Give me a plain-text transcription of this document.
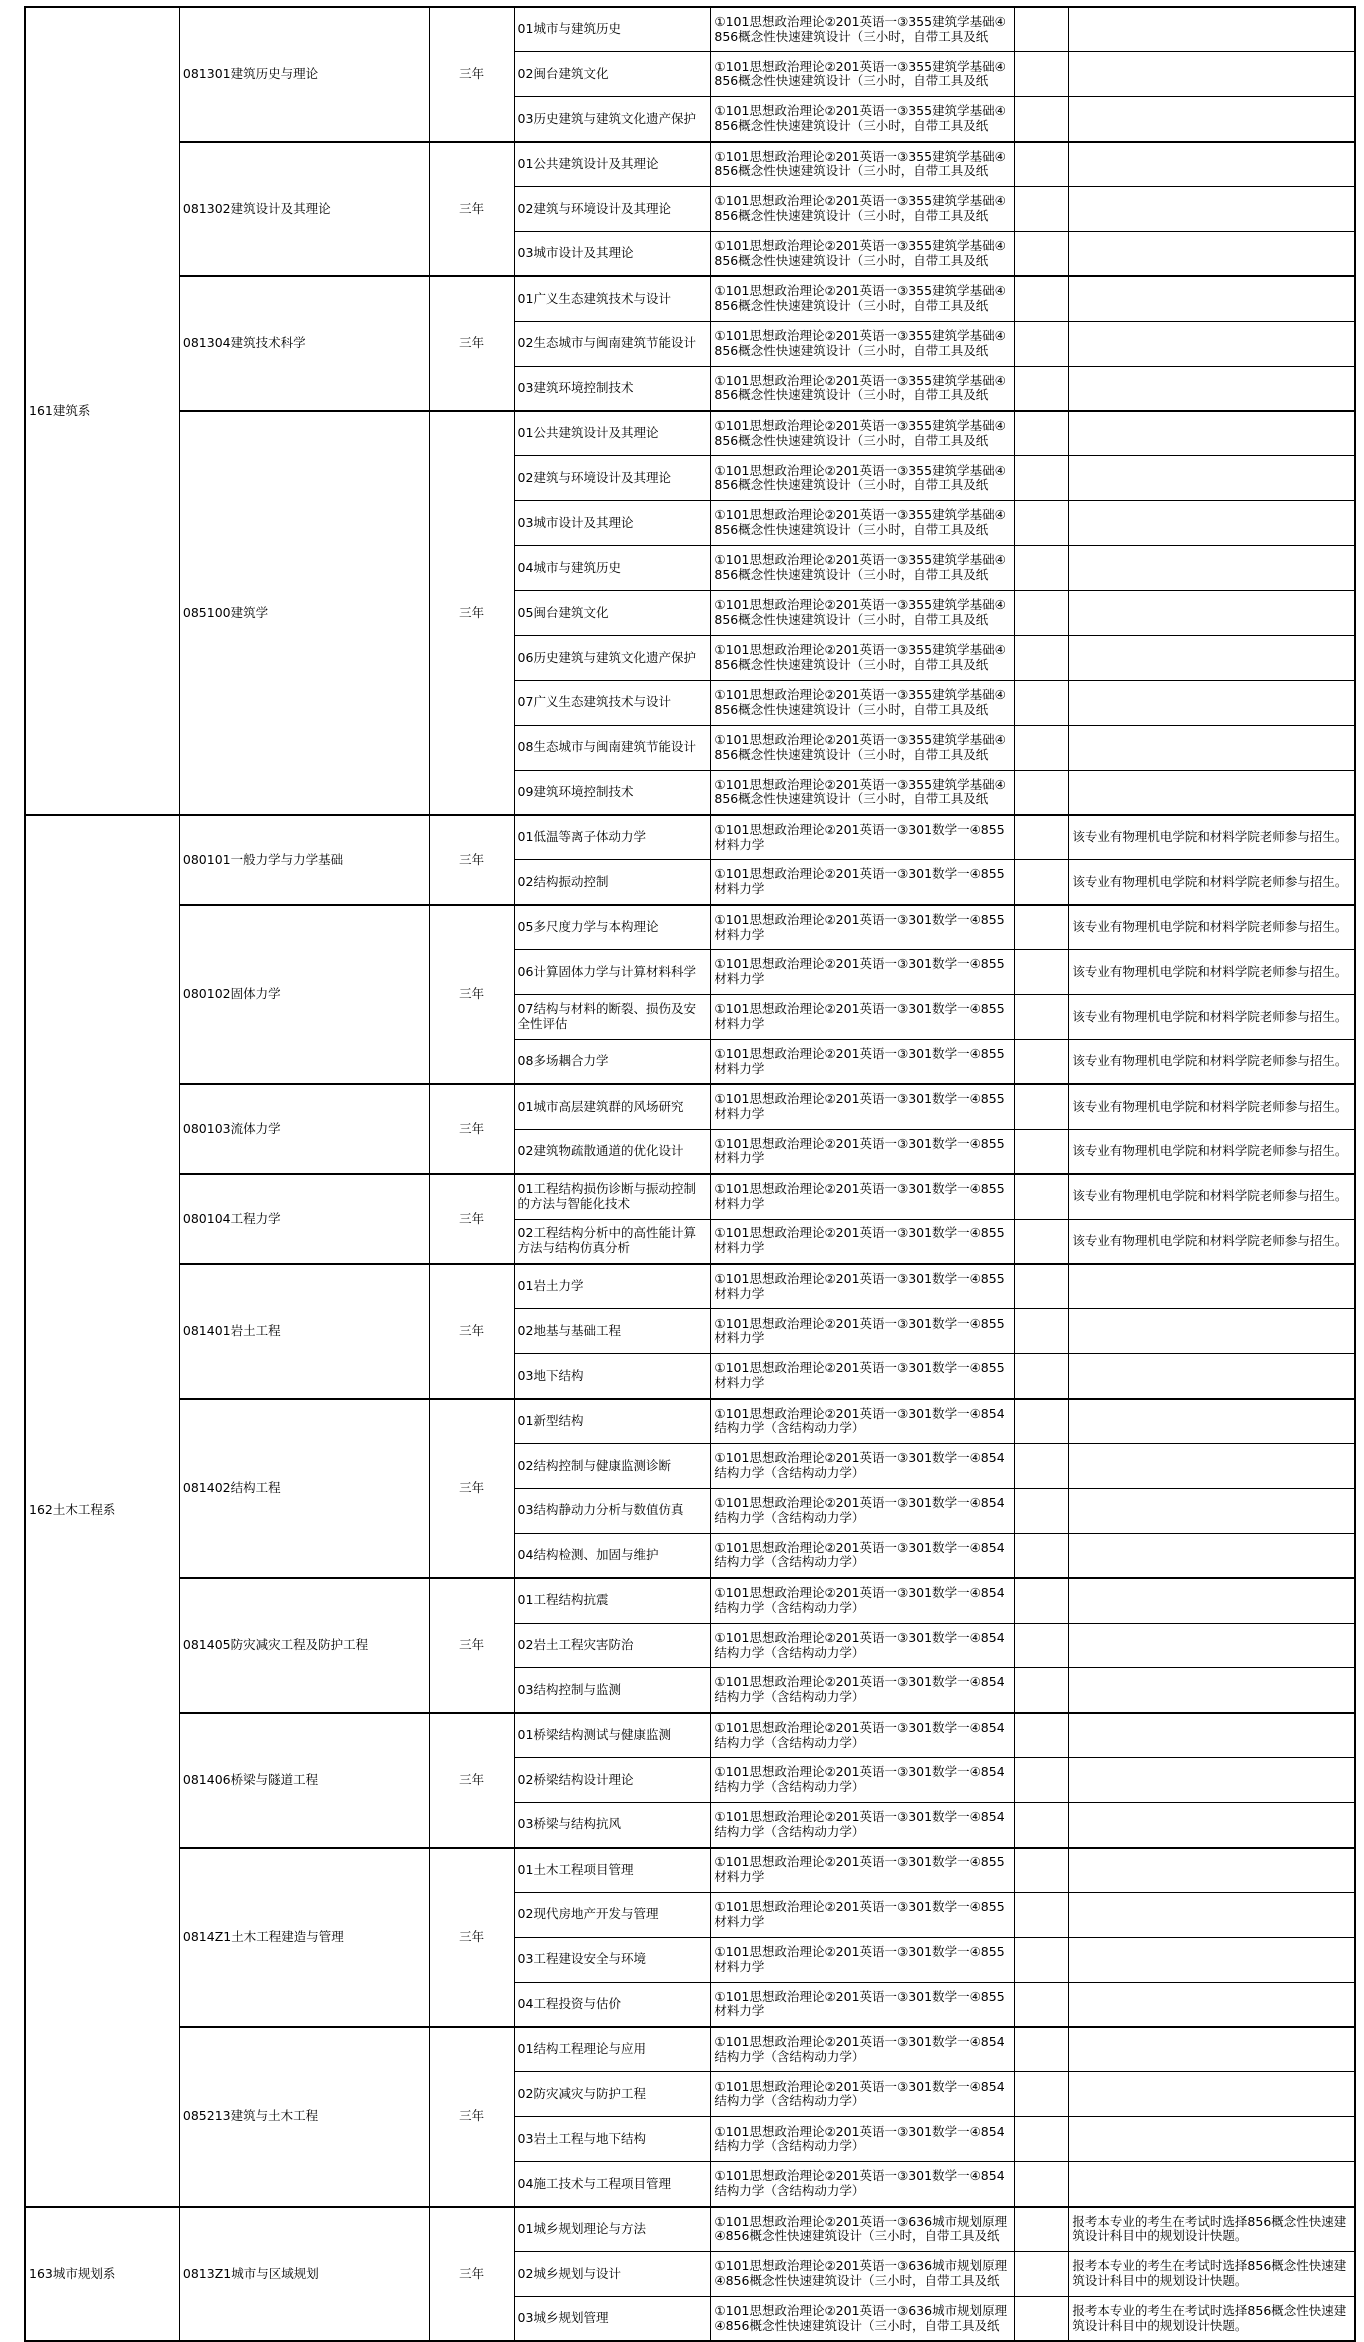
161建筑系	081301建筑历史与理论	三年	01城市与建筑历史	①101思想政治理论②201英语一③355建筑学基础④856概念性快速建筑设计（三小时，自带工具及纸		

			02闽台建筑文化	①101思想政治理论②201英语一③355建筑学基础④856概念性快速建筑设计（三小时，自带工具及纸		

			03历史建筑与建筑文化遗产保护	①101思想政治理论②201英语一③355建筑学基础④856概念性快速建筑设计（三小时，自带工具及纸		
	081302建筑设计及其理论	三年	01公共建筑设计及其理论	①101思想政治理论②201英语一③355建筑学基础④856概念性快速建筑设计（三小时，自带工具及纸		

			02建筑与环境设计及其理论	①101思想政治理论②201英语一③355建筑学基础④856概念性快速建筑设计（三小时，自带工具及纸		

			03城市设计及其理论	①101思想政治理论②201英语一③355建筑学基础④856概念性快速建筑设计（三小时，自带工具及纸		
	081304建筑技术科学	三年	01广义生态建筑技术与设计	①101思想政治理论②201英语一③355建筑学基础④856概念性快速建筑设计（三小时，自带工具及纸		

			02生态城市与闽南建筑节能设计	①101思想政治理论②201英语一③355建筑学基础④856概念性快速建筑设计（三小时，自带工具及纸		

			03建筑环境控制技术	①101思想政治理论②201英语一③355建筑学基础④856概念性快速建筑设计（三小时，自带工具及纸		
	085100建筑学	三年	01公共建筑设计及其理论	①101思想政治理论②201英语一③355建筑学基础④856概念性快速建筑设计（三小时，自带工具及纸		

			02建筑与环境设计及其理论	①101思想政治理论②201英语一③355建筑学基础④856概念性快速建筑设计（三小时，自带工具及纸		

			03城市设计及其理论	①101思想政治理论②201英语一③355建筑学基础④856概念性快速建筑设计（三小时，自带工具及纸		

			04城市与建筑历史	①101思想政治理论②201英语一③355建筑学基础④856概念性快速建筑设计（三小时，自带工具及纸		

			05闽台建筑文化	①101思想政治理论②201英语一③355建筑学基础④856概念性快速建筑设计（三小时，自带工具及纸		

			06历史建筑与建筑文化遗产保护	①101思想政治理论②201英语一③355建筑学基础④856概念性快速建筑设计（三小时，自带工具及纸		

			07广义生态建筑技术与设计	①101思想政治理论②201英语一③355建筑学基础④856概念性快速建筑设计（三小时，自带工具及纸		

			08生态城市与闽南建筑节能设计	①101思想政治理论②201英语一③355建筑学基础④856概念性快速建筑设计（三小时，自带工具及纸		

			09建筑环境控制技术	①101思想政治理论②201英语一③355建筑学基础④856概念性快速建筑设计（三小时，自带工具及纸		
162土木工程系	080101一般力学与力学基础	三年	01低温等离子体动力学	①101思想政治理论②201英语一③301数学一④855材料力学		该专业有物理机电学院和材料学院老师参与招生。

			02结构振动控制	①101思想政治理论②201英语一③301数学一④855材料力学		该专业有物理机电学院和材料学院老师参与招生。
	080102固体力学	三年	05多尺度力学与本构理论	①101思想政治理论②201英语一③301数学一④855材料力学		该专业有物理机电学院和材料学院老师参与招生。

			06计算固体力学与计算材料科学	①101思想政治理论②201英语一③301数学一④855材料力学		该专业有物理机电学院和材料学院老师参与招生。

			07结构与材料的断裂、损伤及安全性评估	①101思想政治理论②201英语一③301数学一④855材料力学		该专业有物理机电学院和材料学院老师参与招生。

			08多场耦合力学	①101思想政治理论②201英语一③301数学一④855材料力学		该专业有物理机电学院和材料学院老师参与招生。
	080103流体力学	三年	01城市高层建筑群的风场研究	①101思想政治理论②201英语一③301数学一④855材料力学		该专业有物理机电学院和材料学院老师参与招生。

			02建筑物疏散通道的优化设计	①101思想政治理论②201英语一③301数学一④855材料力学		该专业有物理机电学院和材料学院老师参与招生。
	080104工程力学	三年	01工程结构损伤诊断与振动控制的方法与智能化技术	①101思想政治理论②201英语一③301数学一④855材料力学		该专业有物理机电学院和材料学院老师参与招生。

			02工程结构分析中的高性能计算方法与结构仿真分析	①101思想政治理论②201英语一③301数学一④855材料力学		该专业有物理机电学院和材料学院老师参与招生。
	081401岩土工程	三年	01岩土力学	①101思想政治理论②201英语一③301数学一④855材料力学		

			02地基与基础工程	①101思想政治理论②201英语一③301数学一④855材料力学		

			03地下结构	①101思想政治理论②201英语一③301数学一④855材料力学		
	081402结构工程	三年	01新型结构	①101思想政治理论②201英语一③301数学一④854结构力学（含结构动力学）		

			02结构控制与健康监测诊断	①101思想政治理论②201英语一③301数学一④854结构力学（含结构动力学）		

			03结构静动力分析与数值仿真	①101思想政治理论②201英语一③301数学一④854结构力学（含结构动力学）		

			04结构检测、加固与维护	①101思想政治理论②201英语一③301数学一④854结构力学（含结构动力学）		
	081405防灾减灾工程及防护工程	三年	01工程结构抗震	①101思想政治理论②201英语一③301数学一④854结构力学（含结构动力学）		

			02岩土工程灾害防治	①101思想政治理论②201英语一③301数学一④854结构力学（含结构动力学）		

			03结构控制与监测	①101思想政治理论②201英语一③301数学一④854结构力学（含结构动力学）		
	081406桥梁与隧道工程	三年	01桥梁结构测试与健康监测	①101思想政治理论②201英语一③301数学一④854结构力学（含结构动力学）		

			02桥梁结构设计理论	①101思想政治理论②201英语一③301数学一④854结构力学（含结构动力学）		

			03桥梁与结构抗风	①101思想政治理论②201英语一③301数学一④854结构力学（含结构动力学）		
	0814Z1土木工程建造与管理	三年	01土木工程项目管理	①101思想政治理论②201英语一③301数学一④855材料力学		

			02现代房地产开发与管理	①101思想政治理论②201英语一③301数学一④855材料力学		

			03工程建设安全与环境	①101思想政治理论②201英语一③301数学一④855材料力学		

			04工程投资与估价	①101思想政治理论②201英语一③301数学一④855材料力学		
	085213建筑与土木工程	三年	01结构工程理论与应用	①101思想政治理论②201英语一③301数学一④854结构力学（含结构动力学）		

			02防灾减灾与防护工程	①101思想政治理论②201英语一③301数学一④854结构力学（含结构动力学）		

			03岩土工程与地下结构	①101思想政治理论②201英语一③301数学一④854结构力学（含结构动力学）		

			04施工技术与工程项目管理	①101思想政治理论②201英语一③301数学一④854结构力学（含结构动力学）		
163城市规划系	0813Z1城市与区域规划	三年	01城乡规划理论与方法	①101思想政治理论②201英语一③636城市规划原理④856概念性快速建筑设计（三小时，自带工具及纸		报考本专业的考生在考试时选择856概念性快速建筑设计科目中的规划设计快题。

			02城乡规划与设计	①101思想政治理论②201英语一③636城市规划原理④856概念性快速建筑设计（三小时，自带工具及纸		报考本专业的考生在考试时选择856概念性快速建筑设计科目中的规划设计快题。

			03城乡规划管理	①101思想政治理论②201英语一③636城市规划原理④856概念性快速建筑设计（三小时，自带工具及纸		报考本专业的考生在考试时选择856概念性快速建筑设计科目中的规划设计快题。
